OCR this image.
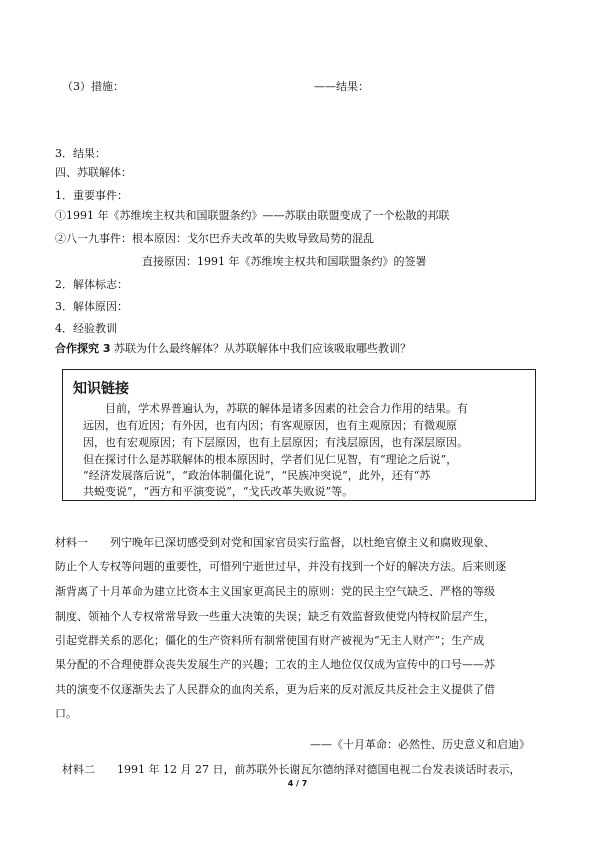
（3）措施：	——结果：
3．结果：
四、苏联解体：
1．重要事件：
①1991 年《苏维埃主权共和国联盟条约》——苏联由联盟变成了一个松散的邦联
②八一九事件：根本原因：戈尔巴乔夫改革的失败导致局势的混乱
直接原因：1991 年《苏维埃主权共和国联盟条约》的签署
2．解体标志：
3．解体原因：
4．经验教训
合作探究 3 苏联为什么最终解体？从苏联解体中我们应该吸取哪些教训？
知识链接
　　目前，学术界普遍认为，苏联的解体是诸多因素的社会合力作用的结果。有
远因，也有近因；有外因，也有内因；有客观原因，也有主观原因；有微观原
因，也有宏观原因；有下层原因，也有上层原因；有浅层原因，也有深层原因。
但在探讨什么是苏联解体的根本原因时，学者们见仁见智，有“理论之后说”，
“经济发展落后说”，“政治体制僵化说”，“民族冲突说”，此外，还有“苏
共蜕变说”，“西方和平演变说”，“戈氏改革失败说”等。
材料一　　列宁晚年已深切感受到对党和国家官员实行监督，以杜绝官僚主义和腐败现象、
防止个人专权等问题的重要性，可惜列宁逝世过早，并没有找到一个好的解决方法。后来则逐
渐背离了十月革命为建立比资本主义国家更高民主的原则：党的民主空气缺乏、严格的等级
制度、领袖个人专权常常导致一些重大决策的失误；缺乏有效监督致使党内特权阶层产生，
引起党群关系的恶化；僵化的生产资料所有制常使国有财产被视为“无主人财产”；生产成
果分配的不合理使群众丧失发展生产的兴趣；工农的主人地位仅仅成为宣传中的口号——苏
共的演变不仅逐渐失去了人民群众的血肉关系，更为后来的反对派反共反社会主义提供了借
口。
——《十月革命：必然性、历史意义和启迪》
材料二　　1991 年 12 月 27 日，前苏联外长谢瓦尔德纳泽对德国电视二台发表谈话时表示，
4 / 7
